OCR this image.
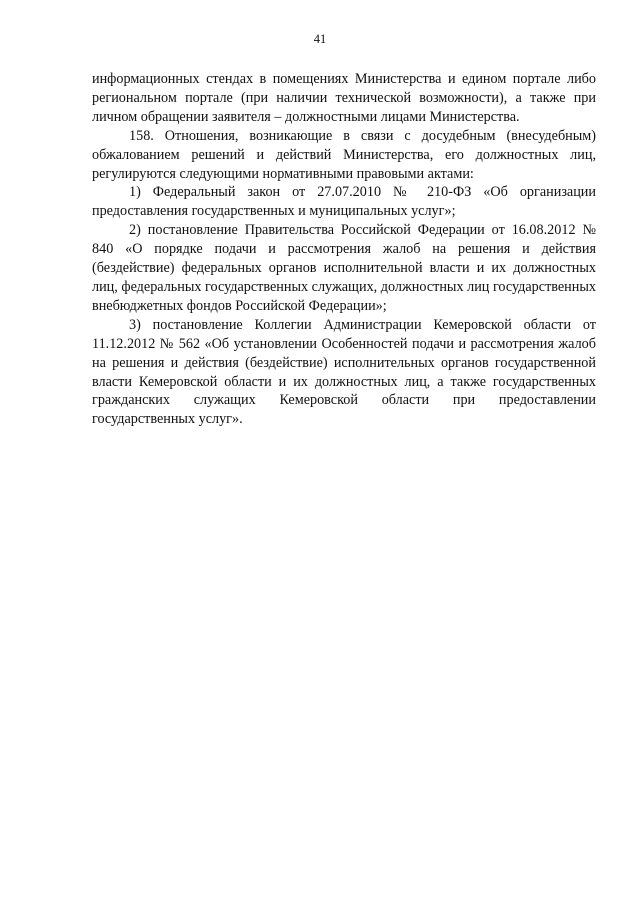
41

информационных стендах в помещениях Министерства и едином портале либо региональном портале (при наличии технической возможности), а также при личном обращении заявителя – должностными лицами Министерства.

158. Отношения, возникающие в связи с досудебным (внесудебным) обжалованием решений и действий Министерства, его должностных лиц, регулируются следующими нормативными правовыми актами:

1) Федеральный закон от 27.07.2010 № 210-ФЗ «Об организации предоставления государственных и муниципальных услуг»;

2) постановление Правительства Российской Федерации от 16.08.2012 № 840 «О порядке подачи и рассмотрения жалоб на решения и действия (бездействие) федеральных органов исполнительной власти и их должностных лиц, федеральных государственных служащих, должностных лиц государственных внебюджетных фондов Российской Федерации»;

3) постановление Коллегии Администрации Кемеровской области от 11.12.2012 № 562 «Об установлении Особенностей подачи и рассмотрения жалоб на решения и действия (бездействие) исполнительных органов государственной власти Кемеровской области и их должностных лиц, а также государственных гражданских служащих Кемеровской области при предоставлении государственных услуг».
